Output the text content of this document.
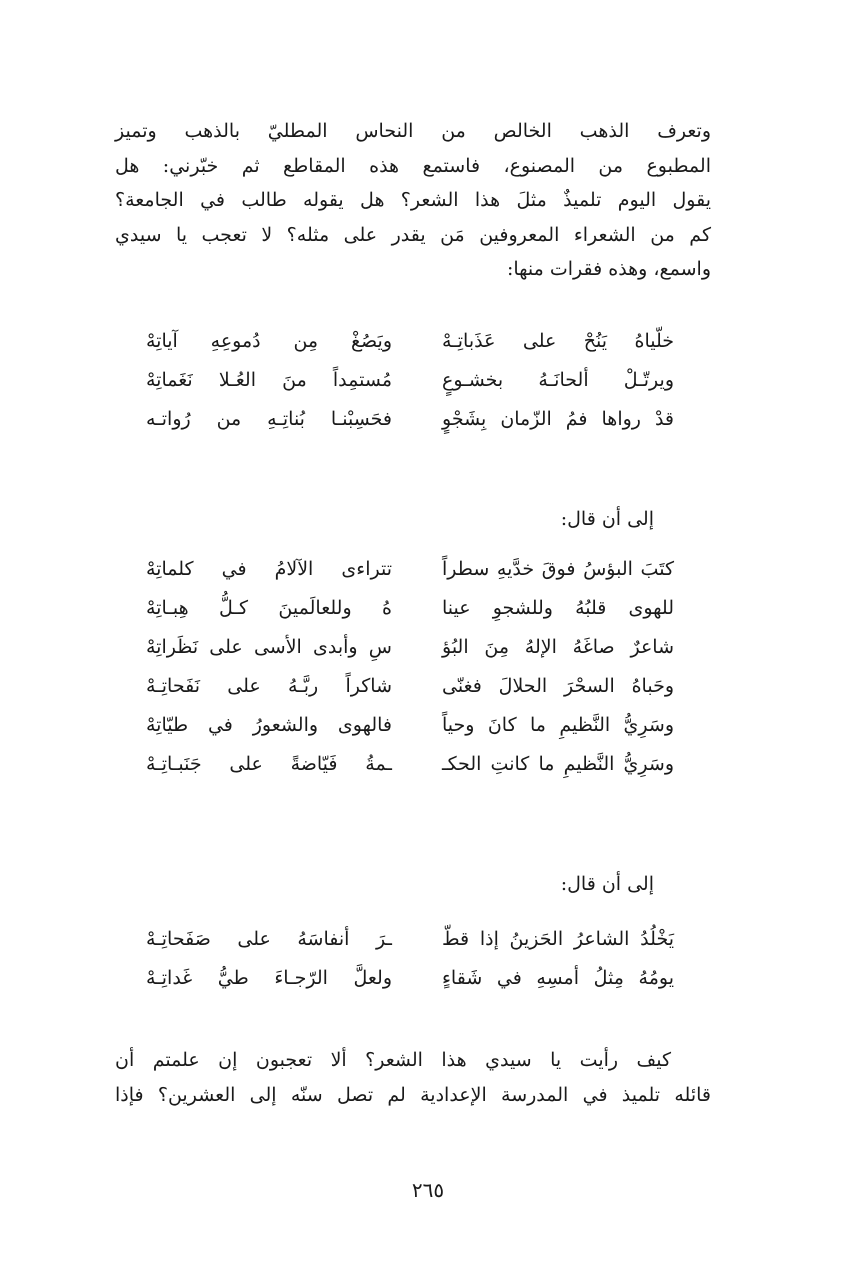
وتعرف الذهب الخالص من النحاس المطليّ بالذهب وتميز
المطبوع من المصنوع، فاستمع هذه المقاطع ثم خبّرني: هل
يقول اليوم تلميذٌ مثلَ هذا الشعر؟ هل يقوله طالب في الجامعة؟
كم من الشعراء المعروفين مَن يقدر على مثله؟ لا تعجب يا سيدي
واسمع، وهذه فقرات منها:
خلّياهُ يَنُحْ على عَذَباتِـهْ
ويَصُغْ مِن دُموعِهِ آياتِهْ
ويرتّـلْ ألحانَـهُ بخشـوعٍ
مُستمِداً منَ العُـلا نَغَماتِهْ
قدْ رواها فمُ الزّمان بِشَجْوٍ
فحَسِبْنـا بُناتِـهِ من رُواتـه
إلى أن قال:
كتَبَ البؤسُ فوقَ خدَّيهِ سطراً
تتراءى الآلامُ في كلماتِهْ
للهوى قلبُهُ وللشجوِ عينا
هُ وللعالَمينَ كـلُّ هِبـاتِهْ
شاعرٌ صاغَهُ الإلهُ مِنَ البُؤ
سِ وأبدى الأسى على نَظَراتِهْ
وحَباهُ السحْرَ الحلالَ فغنّى
شاكراً ربَّـهُ على نَفَحاتِـهْ
وسَرِيُّ النَّظيمِ ما كانَ وحياً
فالهوى والشعورُ في طيّاتِهْ
وسَرِيُّ النَّظيمِ ما كانتِ الحكـ
ـمةُ فَيّاضةً على جَنَبـاتِـهْ
إلى أن قال:
يَخْلُدُ الشاعرُ الحَزينُ إذا قطّ
ـرَ أنفاسَهُ على صَفَحاتِـهْ
يومُهُ مِثلُ أمسِهِ في شَقاءٍ
ولعلَّ الرّجـاءَ طيُّ غَداتِـهْ
كيف رأيت يا سيدي هذا الشعر؟ ألا تعجبون إن علمتم أن
قائله تلميذ في المدرسة الإعدادية لم تصل سنّه إلى العشرين؟ فإذا
٢٦٥
